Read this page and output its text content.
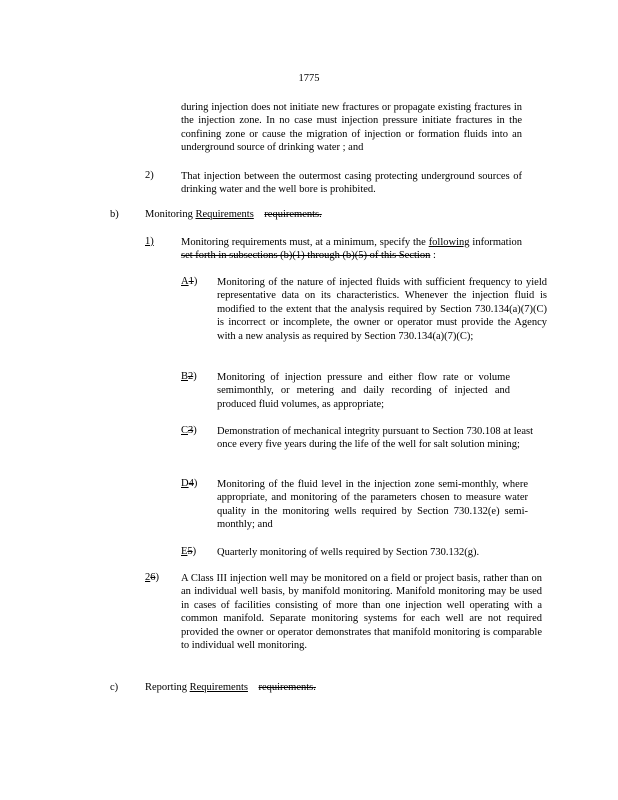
1775
during injection does not initiate new fractures or propagate existing fractures in the injection zone. In no case must injection pressure initiate fractures in the confining zone or cause the migration of injection or formation fluids into an underground source of drinking water ; and
2)	That injection between the outermost casing protecting underground sources of drinking water and the well bore is prohibited.
b)	Monitoring Requirements requirements.
1)	Monitoring requirements must, at a minimum, specify the following information set forth in subsections (b)(1) through (b)(5) of this Section :
A1) Monitoring of the nature of injected fluids with sufficient frequency to yield representative data on its characteristics. Whenever the injection fluid is modified to the extent that the analysis required by Section 730.134(a)(7)(C) is incorrect or incomplete, the owner or operator must provide the Agency with a new analysis as required by Section 730.134(a)(7)(C);
B2) Monitoring of injection pressure and either flow rate or volume semimonthly, or metering and daily recording of injected and produced fluid volumes, as appropriate;
C3) Demonstration of mechanical integrity pursuant to Section 730.108 at least once every five years during the life of the well for salt solution mining;
D4) Monitoring of the fluid level in the injection zone semi-monthly, where appropriate, and monitoring of the parameters chosen to measure water quality in the monitoring wells required by Section 730.132(e) semi-monthly; and
E5) Quarterly monitoring of wells required by Section 730.132(g).
26) A Class III injection well may be monitored on a field or project basis, rather than on an individual well basis, by manifold monitoring. Manifold monitoring may be used in cases of facilities consisting of more than one injection well operating with a common manifold. Separate monitoring systems for each well are not required provided the owner or operator demonstrates that manifold monitoring is comparable to individual well monitoring.
c)	Reporting Requirements requirements.
